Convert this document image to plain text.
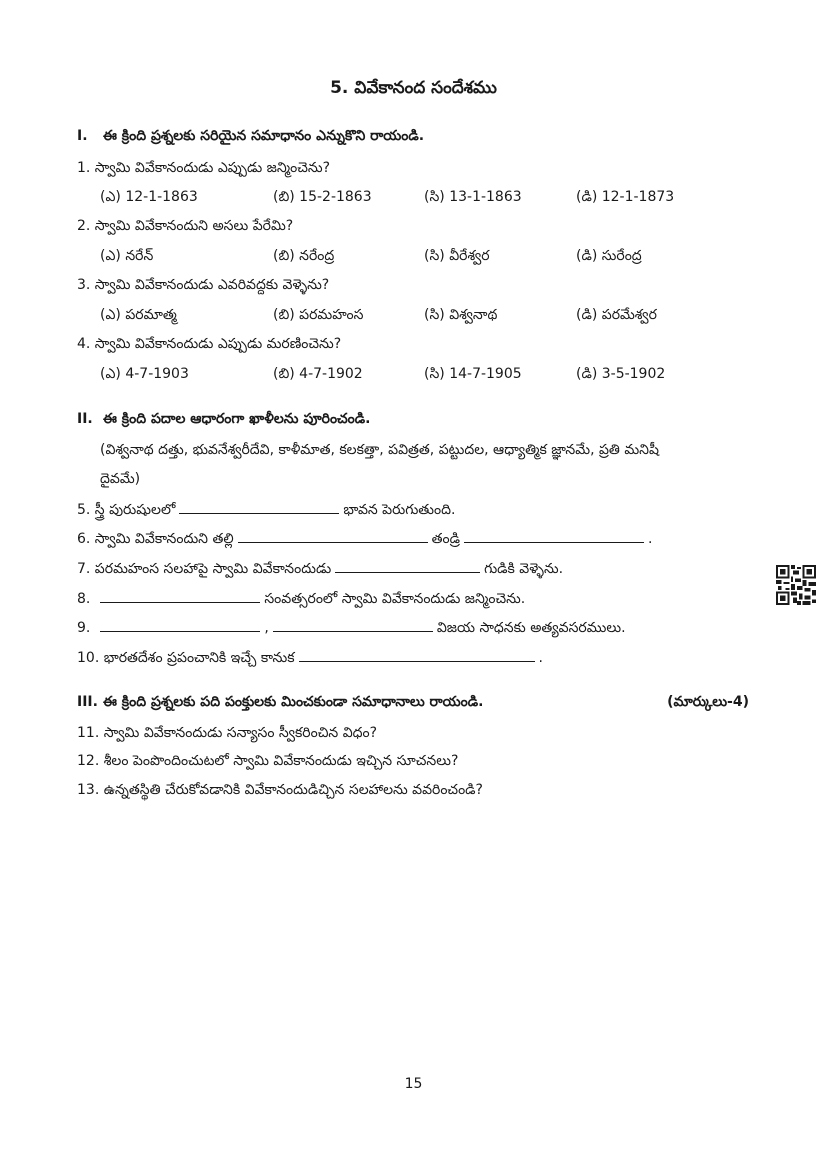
5. వివేకానంద సందేశము
I. ఈ క్రింది ప్రశ్నలకు సరియైన సమాధానం ఎన్నుకొని రాయండి.
1. స్వామి వివేకానందుడు ఎప్పుడు జన్మించెను?
(ఎ) 12-1-1863	(బి) 15-2-1863	(సి) 13-1-1863	(డి) 12-1-1873
2. స్వామి వివేకానందుని అసలు పేరేమి?
(ఎ) నరేన్	(బి) నరేంద్ర	(సి) వీరేశ్వర	(డి) సురేంద్ర
3. స్వామి వివేకానందుడు ఎవరివద్దకు వెళ్ళెను?
(ఎ) పరమాత్మ	(బి) పరమహంస	(సి) విశ్వనాథ	(డి) పరమేశ్వర
4. స్వామి వివేకానందుడు ఎప్పుడు మరణించెను?
(ఎ) 4-7-1903	(బి) 4-7-1902	(సి) 14-7-1905	(డి) 3-5-1902
II. ఈ క్రింది పదాల ఆధారంగా ఖాళీలను పూరించండి.
(విశ్వనాథ దత్తు, భువనేశ్వరీదేవి, కాళీమాత, కలకత్తా, పవిత్రత, పట్టుదల, ఆధ్యాత్మిక జ్ఞానమే, ప్రతి మనిషీ
దైవమే)
5. స్త్రీ పురుషులలో	భావన పెరుగుతుంది.
6. స్వామి వివేకానందుని తల్లి	తండ్రి	.
7. పరమహంస సలహాపై స్వామి వివేకానందుడు	గుడికి వెళ్ళెను.
8.	సంవత్సరంలో స్వామి వివేకానందుడు జన్మించెను.
9.	,	విజయ సాధనకు అత్యవసరములు.
10. భారతదేశం ప్రపంచానికి ఇచ్చే కానుక	.
III. ఈ క్రింది ప్రశ్నలకు పది పంక్తులకు మించకుండా సమాధానాలు రాయండి.	(మార్కులు-4)
11. స్వామి వివేకానందుడు సన్యాసం స్వీకరించిన విధం?
12. శీలం పెంపొందించుటలో స్వామి వివేకానందుడు ఇచ్చిన సూచనలు?
13. ఉన్నతస్థితి చేరుకోవడానికి వివేకానందుడిచ్చిన సలహాలను వవరించండి?
15
